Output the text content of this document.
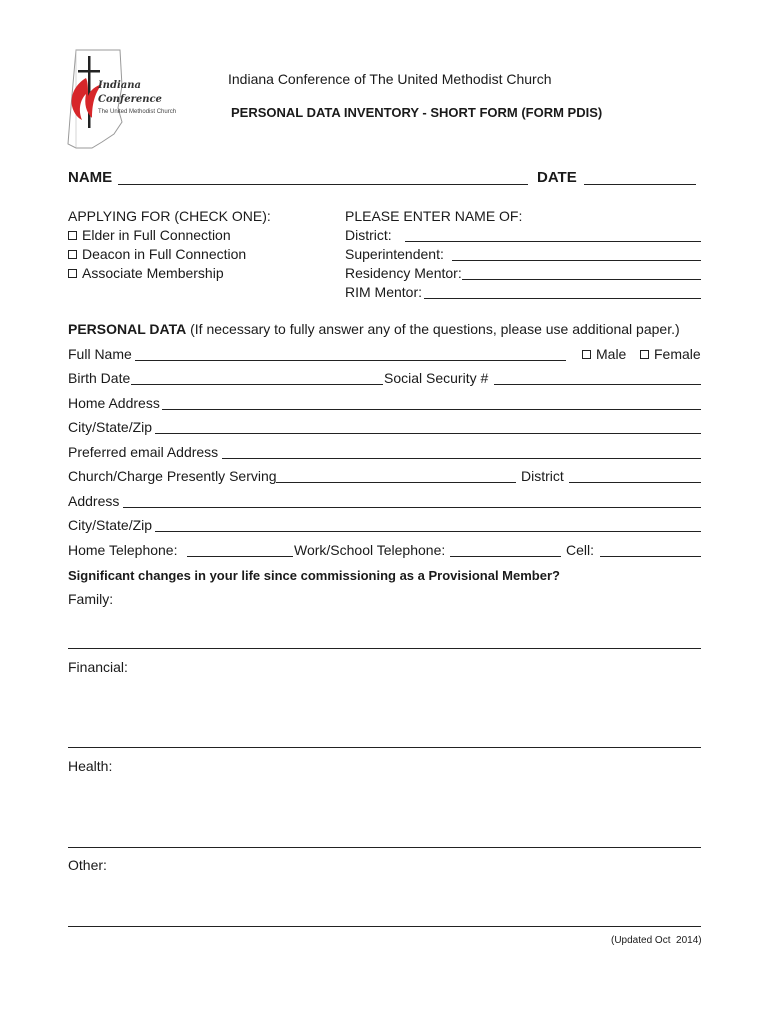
Indiana
Conference
The United Methodist Church
Indiana Conference of The United Methodist Church
PERSONAL DATA INVENTORY - SHORT FORM (FORM PDIS)
NAME	DATE
APPLYING FOR (CHECK ONE):
Elder in Full Connection
Deacon in Full Connection
Associate Membership
PLEASE ENTER NAME OF:
District:
Superintendent:
Residency Mentor:
RIM Mentor:
PERSONAL DATA (If necessary to fully answer any of the questions, please use additional paper.)
Full Name	Male Female
Birth Date	Social Security #
Home Address
City/State/Zip
Preferred email Address
Church/Charge Presently Serving	District
Address
City/State/Zip
Home Telephone:	Work/School Telephone:	Cell:
Significant changes in your life since commissioning as a Provisional Member?
Family:
Financial:
Health:
Other:
(Updated Oct  2014)
